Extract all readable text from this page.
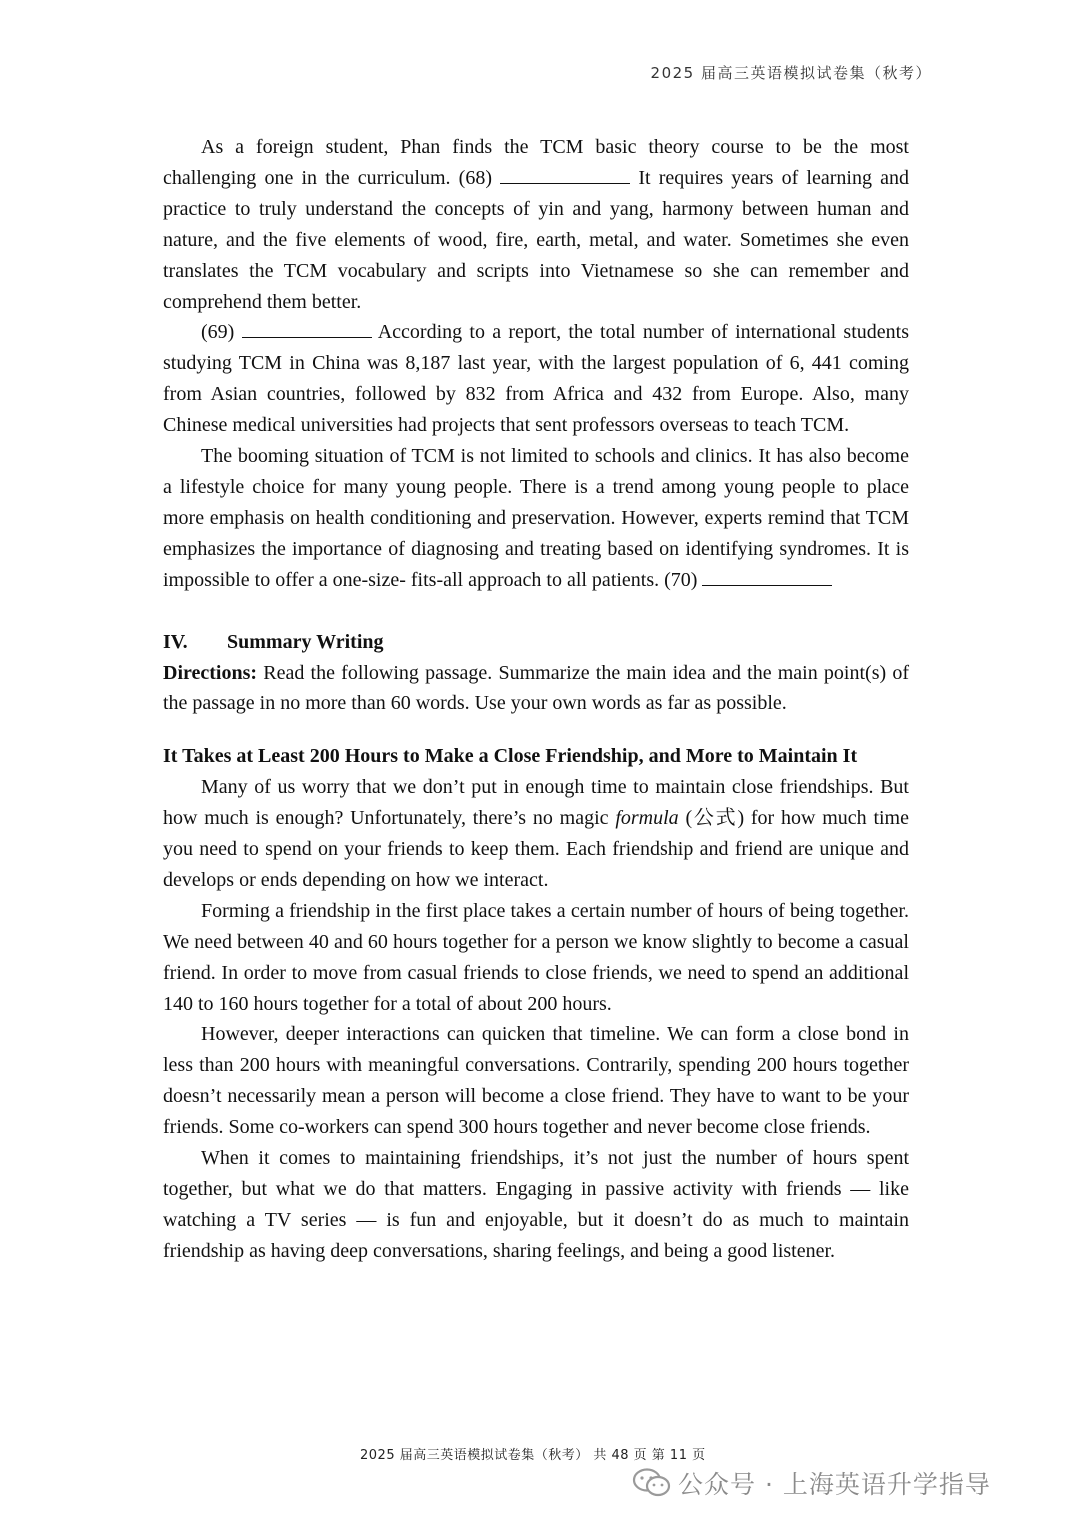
2025 届高三英语模拟试卷集（秋考）

As a foreign student, Phan finds the TCM basic theory course to be the most challenging one in the curriculum. (68)	It requires years of learning and practice to truly understand the concepts of yin and yang, harmony between human and nature, and the five elements of wood, fire, earth, metal, and water. Sometimes she even translates the TCM vocabulary and scripts into Vietnamese so she can remember and comprehend them better.

(69)	According to a report, the total number of international students studying TCM in China was 8,187 last year, with the largest population of 6, 441 coming from Asian countries, followed by 832 from Africa and 432 from Europe. Also, many Chinese medical universities had projects that sent professors overseas to teach TCM.

The booming situation of TCM is not limited to schools and clinics. It has also become a lifestyle choice for many young people. There is a trend among young people to place more emphasis on health conditioning and preservation. However, experts remind that TCM emphasizes the importance of diagnosing and treating based on identifying syndromes. It is impossible to offer a one-size- fits-all approach to all patients. (70)

IV. Summary Writing

Directions: Read the following passage. Summarize the main idea and the main point(s) of the passage in no more than 60 words. Use your own words as far as possible.

It Takes at Least 200 Hours to Make a Close Friendship, and More to Maintain It

Many of us worry that we don’t put in enough time to maintain close friendships. But how much is enough? Unfortunately, there’s no magic formula (公式) for how much time you need to spend on your friends to keep them. Each friendship and friend are unique and develops or ends depending on how we interact.

Forming a friendship in the first place takes a certain number of hours of being together. We need between 40 and 60 hours together for a person we know slightly to become a casual friend. In order to move from casual friends to close friends, we need to spend an additional 140 to 160 hours together for a total of about 200 hours.

However, deeper interactions can quicken that timeline. We can form a close bond in less than 200 hours with meaningful conversations. Contrarily, spending 200 hours together doesn’t necessarily mean a person will become a close friend. They have to want to be your friends. Some co-workers can spend 300 hours together and never become close friends.

When it comes to maintaining friendships, it’s not just the number of hours spent together, but what we do that matters. Engaging in passive activity with friends — like watching a TV series — is fun and enjoyable, but it doesn’t do as much to maintain friendship as having deep conversations, sharing feelings, and being a good listener.

2025 届高三英语模拟试卷集（秋考） 共 48 页 第 11 页
公众号 · 上海英语升学指导
